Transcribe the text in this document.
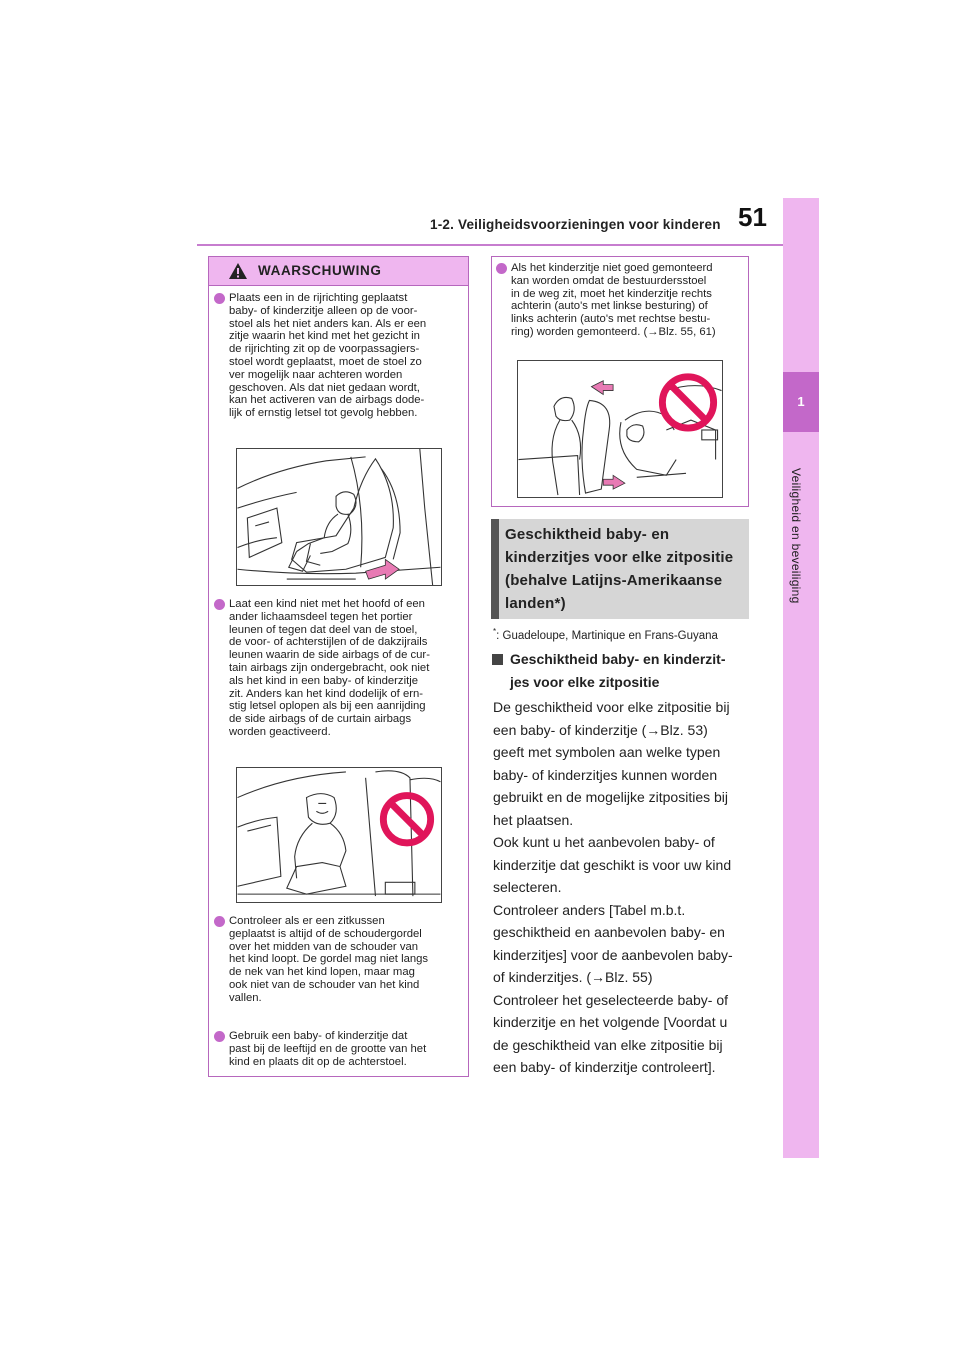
1-2. Veiligheidsvoorzieningen voor kinderen 51
1
Veiligheid en beveiliging
WAARSCHUWING
Plaats een in de rijrichting geplaatst
baby- of kinderzitje alleen op de voor-
stoel als het niet anders kan. Als er een
zitje waarin het kind met het gezicht in
de rijrichting zit op de voorpassagiers-
stoel wordt geplaatst, moet de stoel zo
ver mogelijk naar achteren worden
geschoven. Als dat niet gedaan wordt,
kan het activeren van de airbags dode-
lijk of ernstig letsel tot gevolg hebben.
Laat een kind niet met het hoofd of een
ander lichaamsdeel tegen het portier
leunen of tegen dat deel van de stoel,
de voor- of achterstijlen of de dakzijrails
leunen waarin de side airbags of de cur-
tain airbags zijn ondergebracht, ook niet
als het kind in een baby- of kinderzitje
zit. Anders kan het kind dodelijk of ern-
stig letsel oplopen als bij een aanrijding
de side airbags of de curtain airbags
worden geactiveerd.
Controleer als er een zitkussen
geplaatst is altijd of de schoudergordel
over het midden van de schouder van
het kind loopt. De gordel mag niet langs
de nek van het kind lopen, maar mag
ook niet van de schouder van het kind
vallen.
Gebruik een baby- of kinderzitje dat
past bij de leeftijd en de grootte van het
kind en plaats dit op de achterstoel.
Als het kinderzitje niet goed gemonteerd
kan worden omdat de bestuurdersstoel
in de weg zit, moet het kinderzitje rechts
achterin (auto's met linkse besturing) of
links achterin (auto's met rechtse bestu-
ring) worden gemonteerd. (→Blz. 55, 61)
Geschiktheid baby- en
kinderzitjes voor elke zitpositie
(behalve Latijns-Amerikaanse
landen*)
*: Guadeloupe, Martinique en Frans-Guyana
Geschiktheid baby- en kinderzit-
jes voor elke zitpositie

De geschiktheid voor elke zitpositie bij
een baby- of kinderzitje (→Blz. 53)
geeft met symbolen aan welke typen
baby- of kinderzitjes kunnen worden
gebruikt en de mogelijke zitposities bij
het plaatsen.

Ook kunt u het aanbevolen baby- of
kinderzitje dat geschikt is voor uw kind
selecteren.

Controleer anders [Tabel m.b.t.
geschiktheid en aanbevolen baby- en
kinderzitjes] voor de aanbevolen baby-
of kinderzitjes. (→Blz. 55)

Controleer het geselecteerde baby- of
kinderzitje en het volgende [Voordat u
de geschiktheid van elke zitpositie bij
een baby- of kinderzitje controleert].
